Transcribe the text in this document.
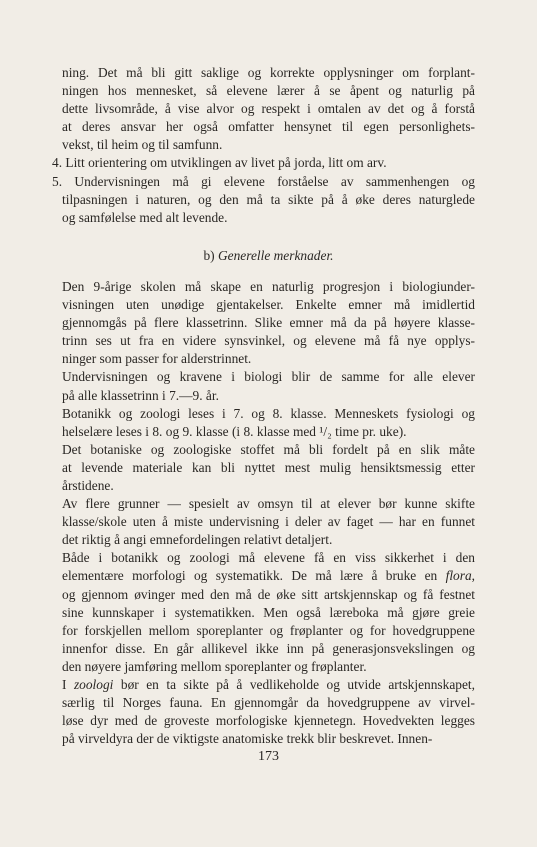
ning. Det må bli gitt saklige og korrekte opplysninger om forplant-
ningen hos mennesket, så elevene lærer å se åpent og naturlig på
dette livsområde, å vise alvor og respekt i omtalen av det og å forstå
at deres ansvar her også omfatter hensynet til egen personlighets-
vekst, til heim og til samfunn.
4. Litt orientering om utviklingen av livet på jorda, litt om arv.
5. Undervisningen må gi elevene forståelse av sammenhengen og
tilpasningen i naturen, og den må ta sikte på å øke deres naturglede
og samfølelse med alt levende.
b) Generelle merknader.
Den 9-årige skolen må skape en naturlig progresjon i biologiunder-
visningen uten unødige gjentakelser. Enkelte emner må imidlertid
gjennomgås på flere klassetrinn. Slike emner må da på høyere klasse-
trinn ses ut fra en videre synsvinkel, og elevene må få nye opplys-
ninger som passer for alderstrinnet.
Undervisningen og kravene i biologi blir de samme for alle elever
på alle klassetrinn i 7.—9. år.
Botanikk og zoologi leses i 7. og 8. klasse. Menneskets fysiologi og
helselære leses i 8. og 9. klasse (i 8. klasse med ¹/₂ time pr. uke).
Det botaniske og zoologiske stoffet må bli fordelt på en slik måte
at levende materiale kan bli nyttet mest mulig hensiktsmessig etter
årstidene.
Av flere grunner — spesielt av omsyn til at elever bør kunne skifte
klasse/skole uten å miste undervisning i deler av faget — har en funnet
det riktig å angi emnefordelingen relativt detaljert.
Både i botanikk og zoologi må elevene få en viss sikkerhet i den
elementære morfologi og systematikk. De må lære å bruke en flora,
og gjennom øvinger med den må de øke sitt artskjennskap og få festnet
sine kunnskaper i systematikken. Men også læreboka må gjøre greie
for forskjellen mellom sporeplanter og frøplanter og for hovedgruppene
innenfor disse. En går allikevel ikke inn på generasjonsvekslingen og
den nøyere jamføring mellom sporeplanter og frøplanter.
I zoologi bør en ta sikte på å vedlikeholde og utvide artskjennskapet,
særlig til Norges fauna. En gjennomgår da hovedgruppene av virvel-
løse dyr med de groveste morfologiske kjennetegn. Hovedvekten legges
på virveldyra der de viktigste anatomiske trekk blir beskrevet. Innen-
173
